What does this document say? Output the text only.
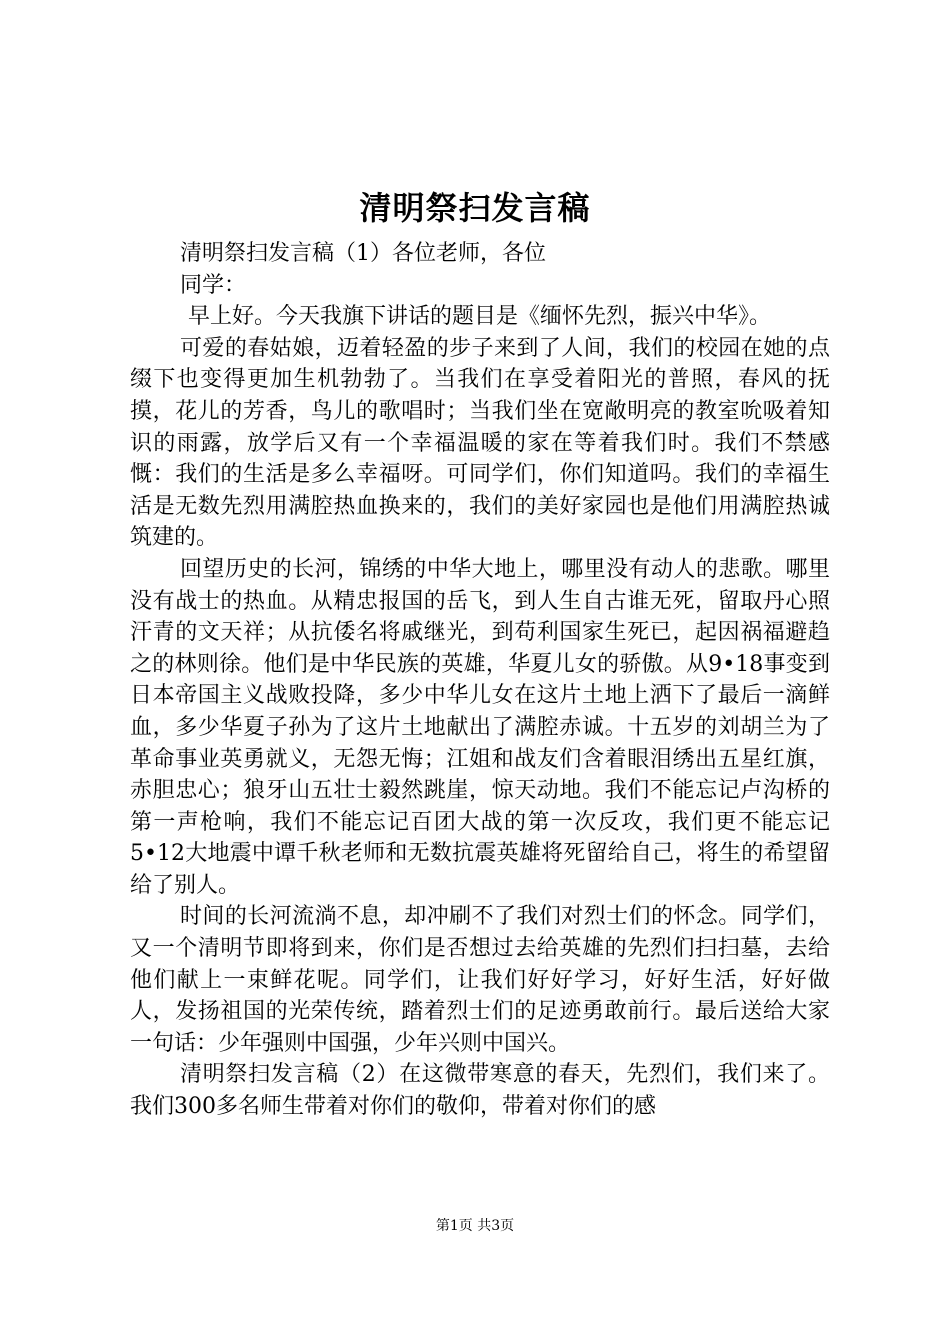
清明祭扫发言稿

清明祭扫发言稿（1）各位老师，各位

同学：

早上好。今天我旗下讲话的题目是《缅怀先烈，振兴中华》。

可爱的春姑娘，迈着轻盈的步子来到了人间，我们的校园在她的点缀下也变得更加生机勃勃了。当我们在享受着阳光的普照，春风的抚摸，花儿的芳香，鸟儿的歌唱时；当我们坐在宽敞明亮的教室吮吸着知识的雨露，放学后又有一个幸福温暖的家在等着我们时。我们不禁感慨：我们的生活是多么幸福呀。可同学们，你们知道吗。我们的幸福生活是无数先烈用满腔热血换来的，我们的美好家园也是他们用满腔热诚筑建的。

回望历史的长河，锦绣的中华大地上，哪里没有动人的悲歌。哪里没有战士的热血。从精忠报国的岳飞，到人生自古谁无死，留取丹心照汗青的文天祥；从抗倭名将戚继光，到苟利国家生死已，起因祸福避趋之的林则徐。他们是中华民族的英雄，华夏儿女的骄傲。从9•18事变到日本帝国主义战败投降，多少中华儿女在这片土地上洒下了最后一滴鲜血，多少华夏子孙为了这片土地献出了满腔赤诚。十五岁的刘胡兰为了革命事业英勇就义，无怨无悔；江姐和战友们含着眼泪绣出五星红旗，赤胆忠心；狼牙山五壮士毅然跳崖，惊天动地。我们不能忘记卢沟桥的第一声枪响，我们不能忘记百团大战的第一次反攻，我们更不能忘记5•12大地震中谭千秋老师和无数抗震英雄将死留给自己，将生的希望留给了别人。

时间的长河流淌不息，却冲刷不了我们对烈士们的怀念。同学们，又一个清明节即将到来，你们是否想过去给英雄的先烈们扫扫墓，去给他们献上一束鲜花呢。同学们，让我们好好学习，好好生活，好好做人，发扬祖国的光荣传统，踏着烈士们的足迹勇敢前行。最后送给大家一句话：少年强则中国强，少年兴则中国兴。

清明祭扫发言稿（2）在这微带寒意的春天，先烈们，我们来了。我们300多名师生带着对你们的敬仰，带着对你们的感

第1页 共3页
